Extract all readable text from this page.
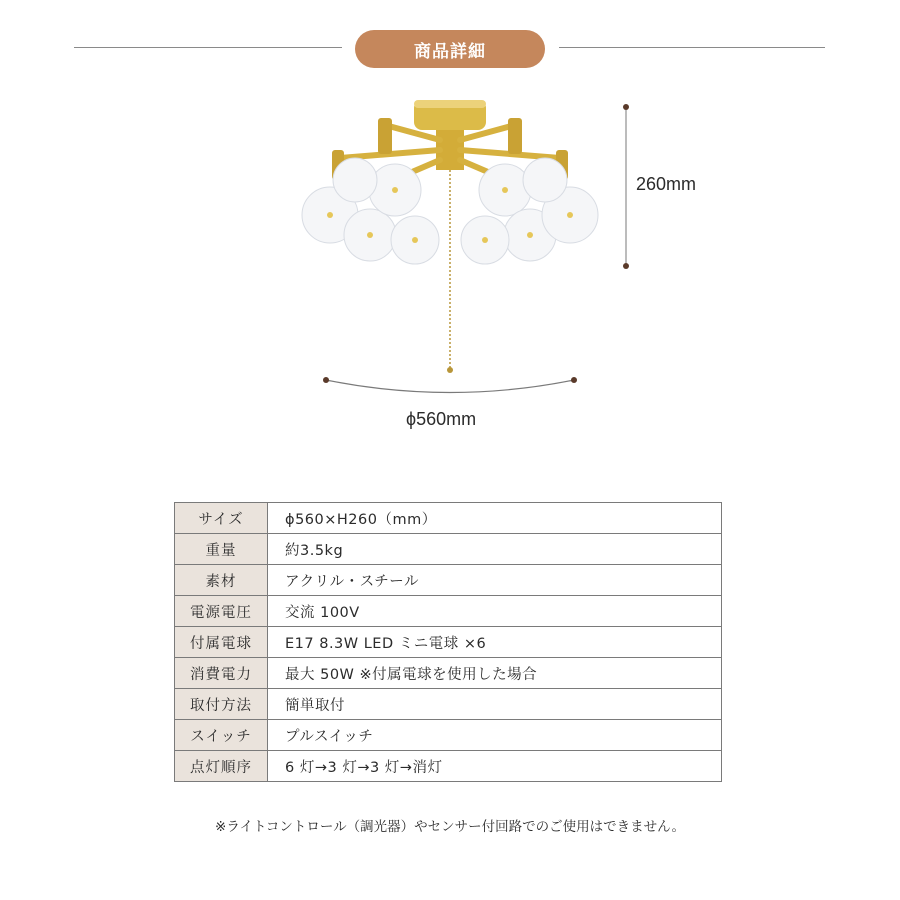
商品詳細
260mm
ϕ560mm
サイズ	ϕ560×H260（mm）
重量	約3.5kg
素材	アクリル・スチール
電源電圧	交流 100V
付属電球	E17 8.3W LED ミニ電球 ×6
消費電力	最大 50W ※付属電球を使用した場合
取付方法	簡単取付
スイッチ	プルスイッチ
点灯順序	6 灯→3 灯→3 灯→消灯
※ライトコントロール（調光器）やセンサー付回路でのご使用はできません。
